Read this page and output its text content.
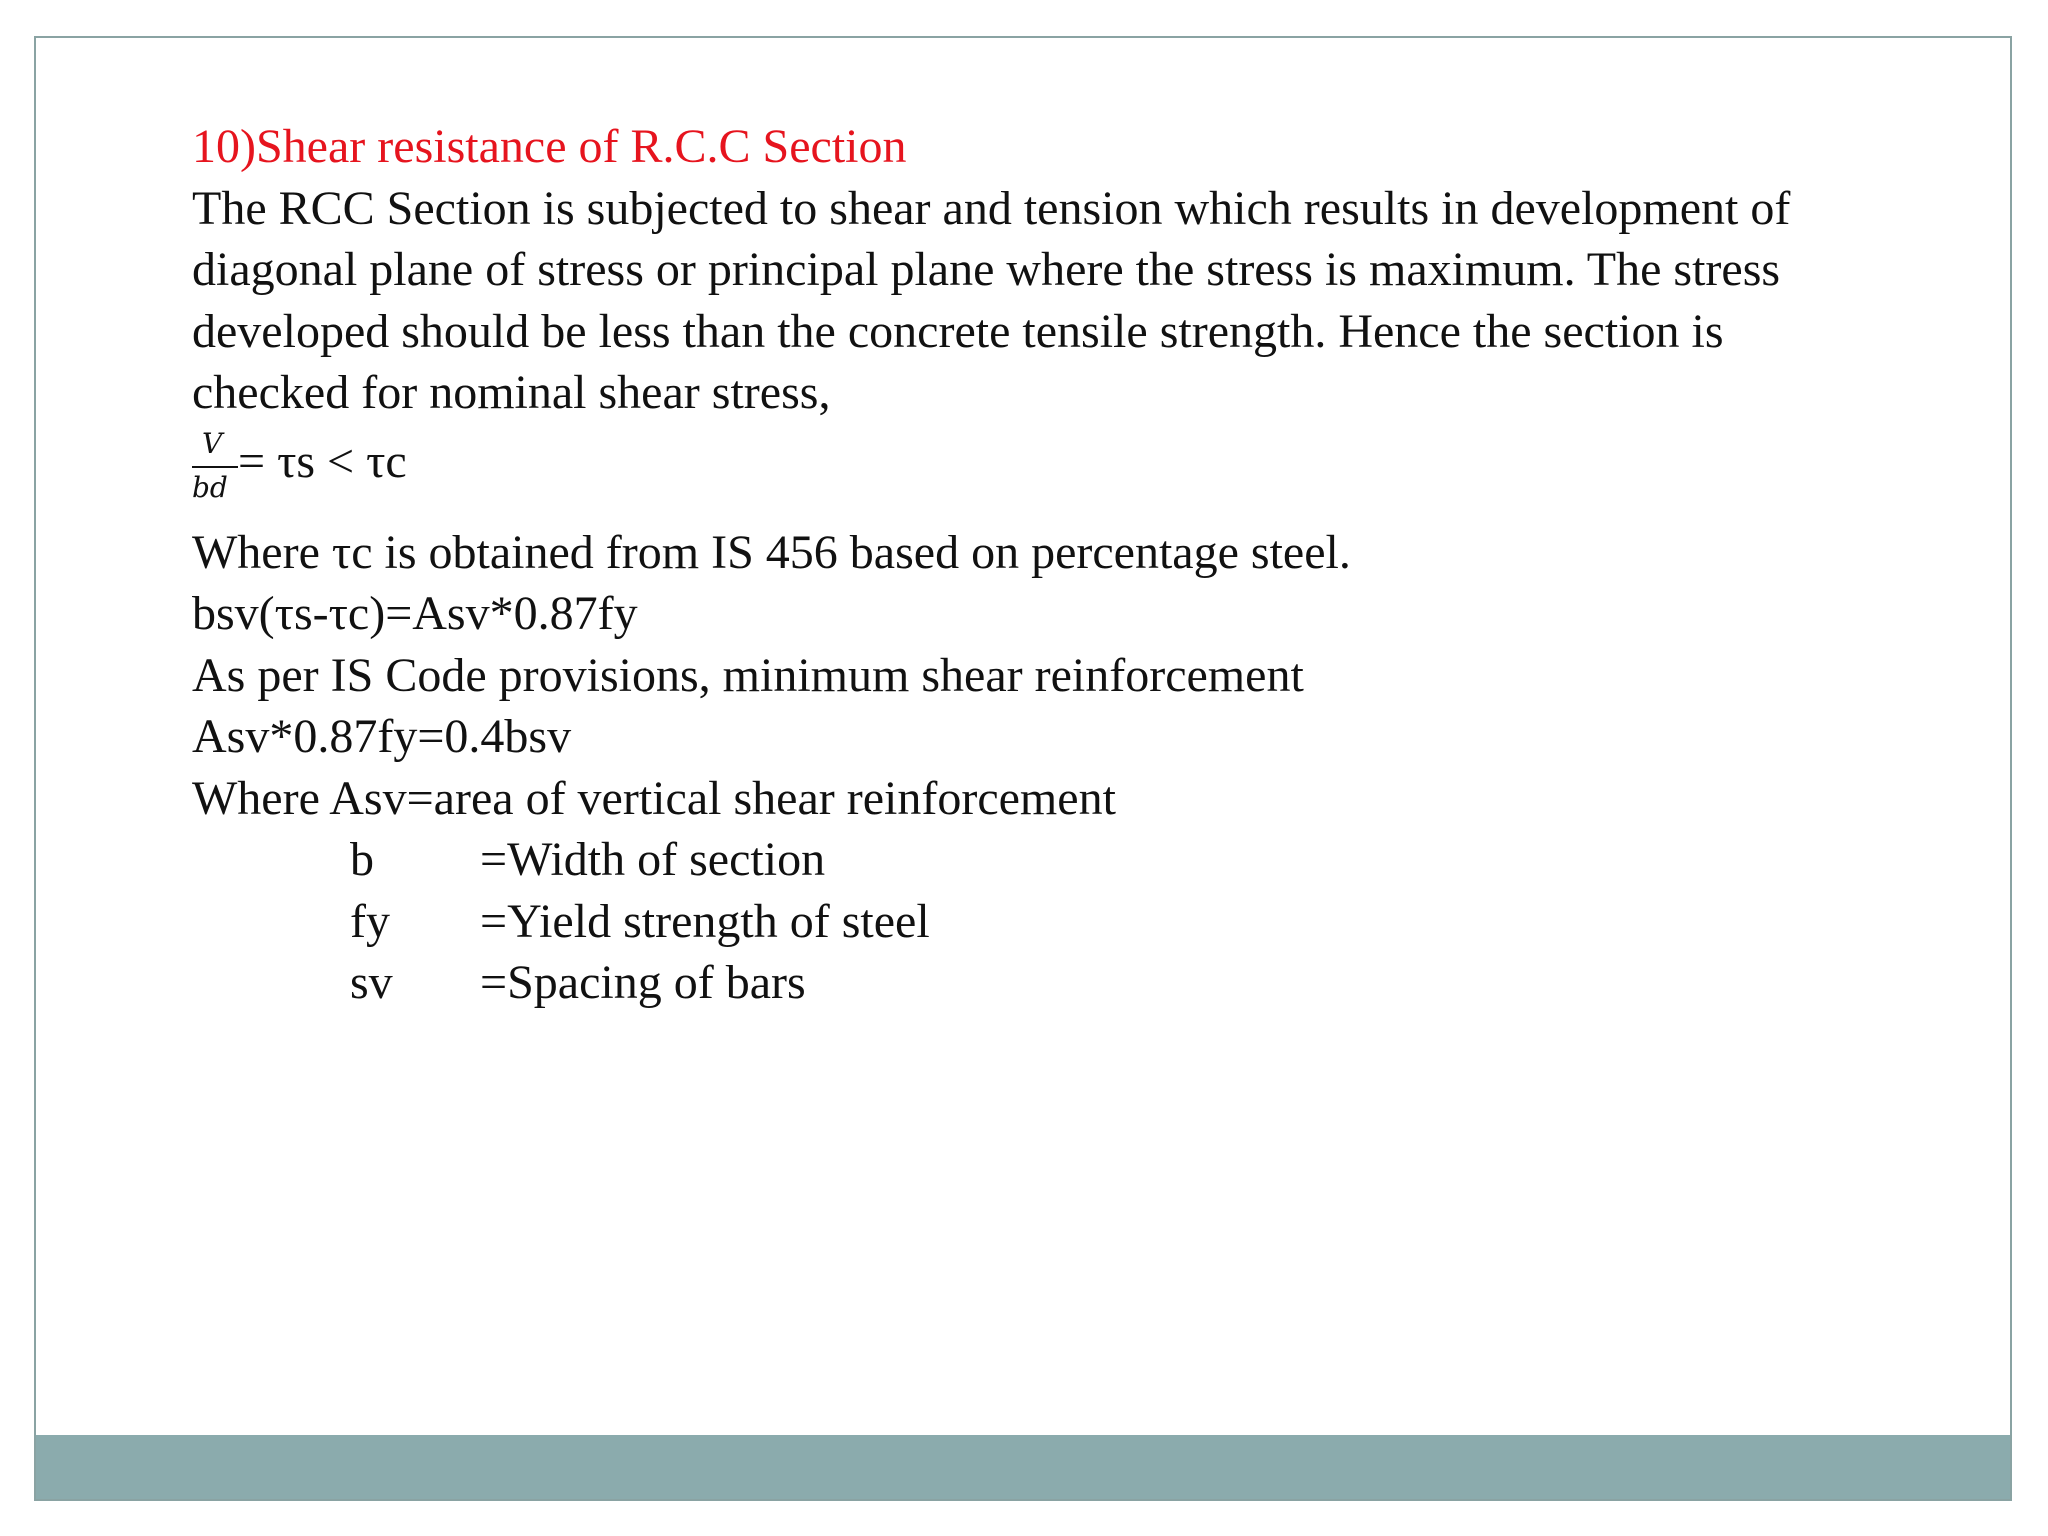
10)Shear resistance of R.C.C Section
The RCC Section is subjected to shear and tension which results in development of
diagonal plane of stress or principal plane where the stress is maximum. The stress
developed should be less than the concrete tensile strength. Hence the section is
checked for nominal shear stress,
V
bd = τs < τc
Where τc is obtained from IS 456 based on percentage steel.
bsv(τs-τc)=Asv*0.87fy
As per IS Code provisions, minimum shear reinforcement
Asv*0.87fy=0.4bsv
Where Asv=area of vertical shear reinforcement
b =Width of section
fy =Yield strength of steel
sv =Spacing of bars
